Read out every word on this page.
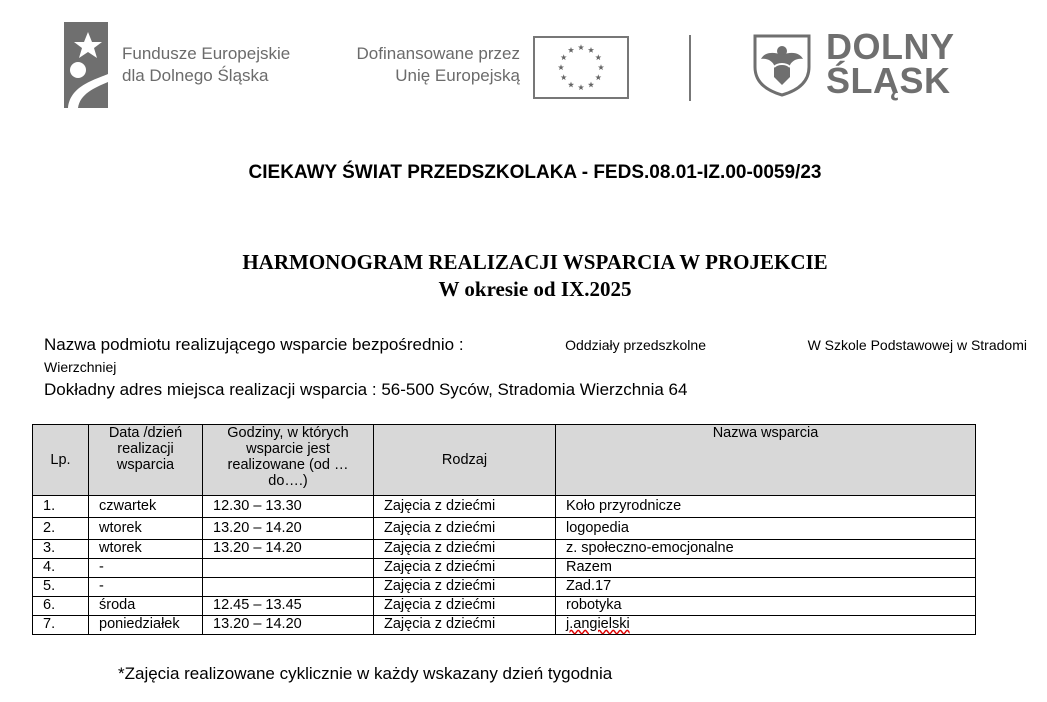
Fundusze Europejskie
dla Dolnego Śląska
Dofinansowane przez
Unię Europejską
DOLNY
ŚLĄSK
CIEKAWY ŚWIAT PRZEDSZKOLAKA - FEDS.08.01-IZ.00-0059/23
HARMONOGRAM REALIZACJI WSPARCIA W PROJEKCIE
W okresie od IX.2025
Nazwa podmiotu realizującego wsparcie bezpośrednio :	Oddziały przedszkolne	W Szkole Podstawowej w Stradomi
Wierzchniej
Dokładny adres miejsca realizacji wsparcia : 56-500 Syców, Stradomia Wierzchnia 64
Lp.	Data /dzień realizacji wsparcia	Godziny, w których wsparcie jest realizowane (od … do….)	Rodzaj	Nazwa wsparcia
1.	czwartek	12.30 – 13.30	Zajęcia z dziećmi	Koło przyrodnicze
2.	wtorek	13.20 – 14.20	Zajęcia z dziećmi	logopedia
3.	wtorek	13.20 – 14.20	Zajęcia z dziećmi	z. społeczno-emocjonalne
4.	-		Zajęcia z dziećmi	Razem
5.	-		Zajęcia z dziećmi	Zad.17
6.	środa	12.45 – 13.45	Zajęcia z dziećmi	robotyka
7.	poniedziałek	13.20 – 14.20	Zajęcia z dziećmi	j.angielski
*Zajęcia realizowane cyklicznie w każdy wskazany dzień tygodnia
